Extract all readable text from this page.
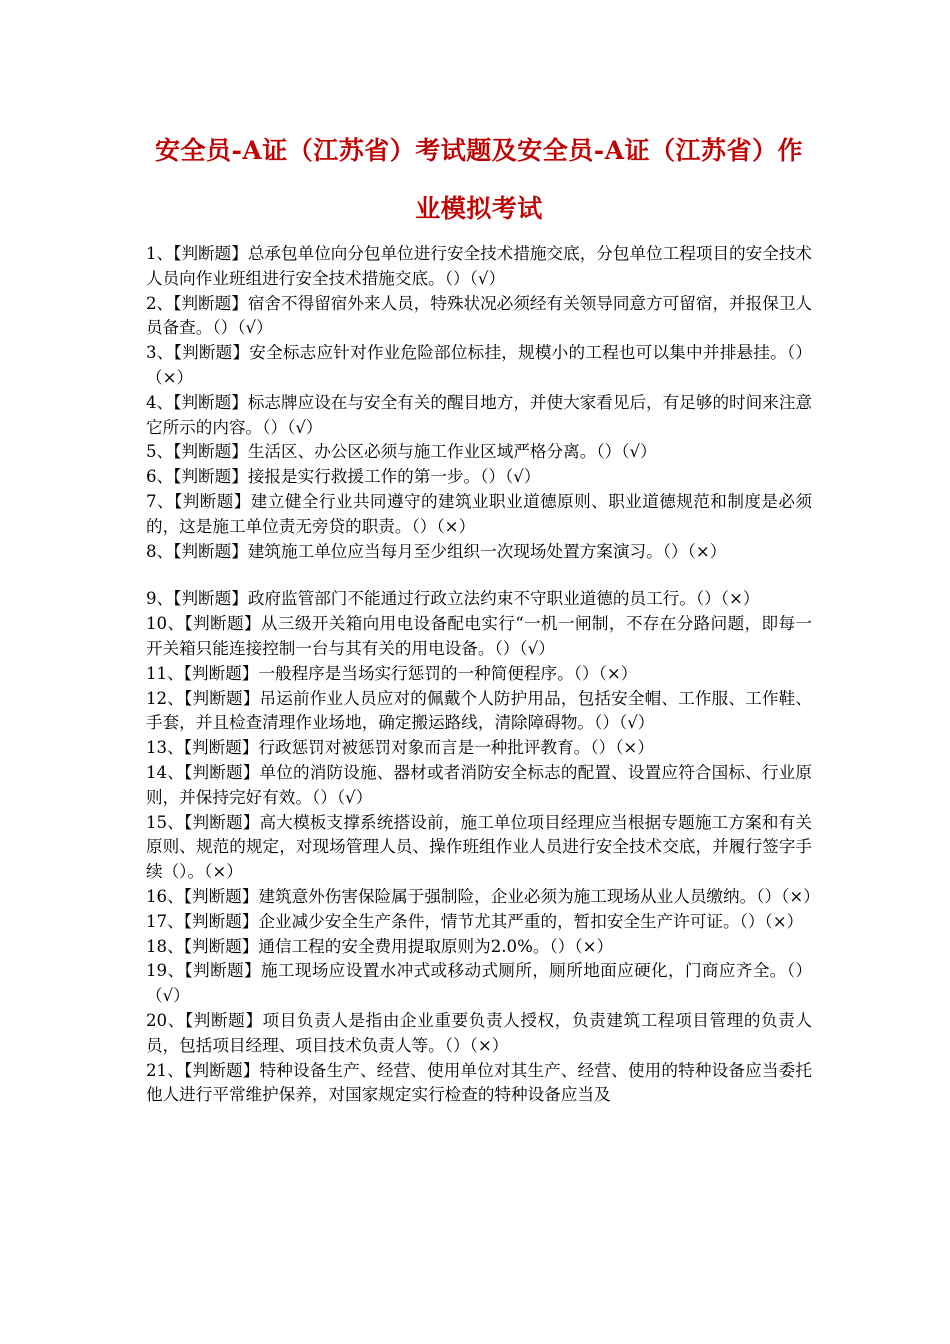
安全员-A证（江苏省）考试题及安全员-A证（江苏省）作
业模拟考试

1、【判断题】总承包单位向分包单位进行安全技术措施交底，分包单位工程项目的安全技术人员向作业班组进行安全技术措施交底。（）（√）

2、【判断题】宿舍不得留宿外来人员，特殊状况必须经有关领导同意方可留宿，并报保卫人员备查。（）（√）

3、【判断题】安全标志应针对作业危险部位标挂，规模小的工程也可以集中并排悬挂。（）（×）

4、【判断题】标志牌应设在与安全有关的醒目地方，并使大家看见后，有足够的时间来注意它所示的内容。（）（√）

5、【判断题】生活区、办公区必须与施工作业区域严格分离。（）（√）

6、【判断题】接报是实行救援工作的第一步。（）（√）

7、【判断题】建立健全行业共同遵守的建筑业职业道德原则、职业道德规范和制度是必须的，这是施工单位责无旁贷的职责。（）（×）

8、【判断题】建筑施工单位应当每月至少组织一次现场处置方案演习。（）（×）

9、【判断题】政府监管部门不能通过行政立法约束不守职业道德的员工行。（）（×）

10、【判断题】从三级开关箱向用电设备配电实行“一机一闸制，不存在分路问题，即每一开关箱只能连接控制一台与其有关的用电设备。（）（√）

11、【判断题】一般程序是当场实行惩罚的一种简便程序。（）（×）

12、【判断题】吊运前作业人员应对的佩戴个人防护用品，包括安全帽、工作服、工作鞋、手套，并且检查清理作业场地，确定搬运路线，清除障碍物。（）（√）

13、【判断题】行政惩罚对被惩罚对象而言是一种批评教育。（）（×）

14、【判断题】单位的消防设施、器材或者消防安全标志的配置、设置应符合国标、行业原则，并保持完好有效。（）（√）

15、【判断题】高大模板支撑系统搭设前，施工单位项目经理应当根据专题施工方案和有关原则、规范的规定，对现场管理人员、操作班组作业人员进行安全技术交底，并履行签字手续（）。（×）

16、【判断题】建筑意外伤害保险属于强制险，企业必须为施工现场从业人员缴纳。（）（×）

17、【判断题】企业减少安全生产条件，情节尤其严重的，暂扣安全生产许可证。（）（×）

18、【判断题】通信工程的安全费用提取原则为2.0%。（）（×）

19、【判断题】施工现场应设置水冲式或移动式厕所，厕所地面应硬化，门商应齐全。（）（√）

20、【判断题】项目负责人是指由企业重要负责人授权，负责建筑工程项目管理的负责人员，包括项目经理、项目技术负责人等。（）（×）

21、【判断题】特种设备生产、经营、使用单位对其生产、经营、使用的特种设备应当委托他人进行平常维护保养，对国家规定实行检查的特种设备应当及
